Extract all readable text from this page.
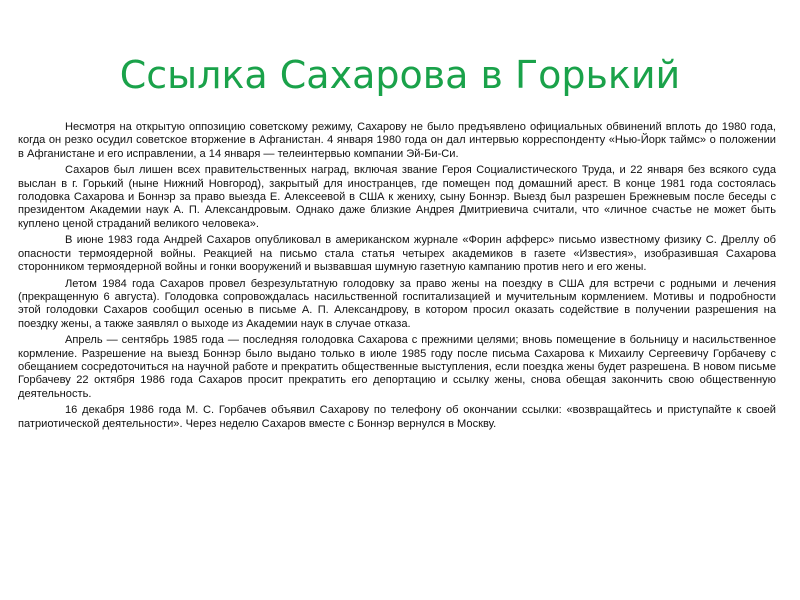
Ссылка Сахарова в Горький

Несмотря на открытую оппозицию советскому режиму, Сахарову не было предъявлено официальных обвинений вплоть до 1980 года, когда он резко осудил советское вторжение в Афганистан. 4 января 1980 года он дал интервью корреспонденту «Нью-Йорк таймс» о положении в Афганистане и его исправлении, а 14 января — телеинтервью компании Эй-Би-Си.

Сахаров был лишен всех правительственных наград, включая звание Героя Социалистического Труда, и 22 января без всякого суда выслан в г. Горький (ныне Нижний Новгород), закрытый для иностранцев, где помещен под домашний арест. В конце 1981 года состоялась голодовка Сахарова и Боннэр за право выезда Е. Алексеевой в США к жениху, сыну Боннэр. Выезд был разрешен Брежневым после беседы с президентом Академии наук А. П. Александровым. Однако даже близкие Андрея Дмитриевича считали, что «личное счастье не может быть куплено ценой страданий великого человека».

В июне 1983 года Андрей Сахаров опубликовал в американском журнале «Форин афферс» письмо известному физику С. Дреллу об опасности термоядерной войны. Реакцией на письмо стала статья четырех академиков в газете «Известия», изобразившая Сахарова сторонником термоядерной войны и гонки вооружений и вызвавшая шумную газетную кампанию против него и его жены.

Летом 1984 года Сахаров провел безрезультатную голодовку за право жены на поездку в США для встречи с родными и лечения (прекращенную 6 августа). Голодовка сопровождалась насильственной госпитализацией и мучительным кормлением. Мотивы и подробности этой голодовки Сахаров сообщил осенью в письме А. П. Александрову, в котором просил оказать содействие в получении разрешения на поездку жены, а также заявлял о выходе из Академии наук в случае отказа.

Апрель — сентябрь 1985 года — последняя голодовка Сахарова с прежними целями; вновь помещение в больницу и насильственное кормление. Разрешение на выезд Боннэр было выдано только в июле 1985 году после письма Сахарова к Михаилу Сергеевичу Горбачеву с обещанием сосредоточиться на научной работе и прекратить общественные выступления, если поездка жены будет разрешена. В новом письме Горбачеву 22 октября 1986 года Сахаров просит прекратить его депортацию и ссылку жены, снова обещая закончить свою общественную деятельность.

16 декабря 1986 года М. С. Горбачев объявил Сахарову по телефону об окончании ссылки: «возвращайтесь и приступайте к своей патриотической деятельности». Через неделю Сахаров вместе с Боннэр вернулся в Москву.
